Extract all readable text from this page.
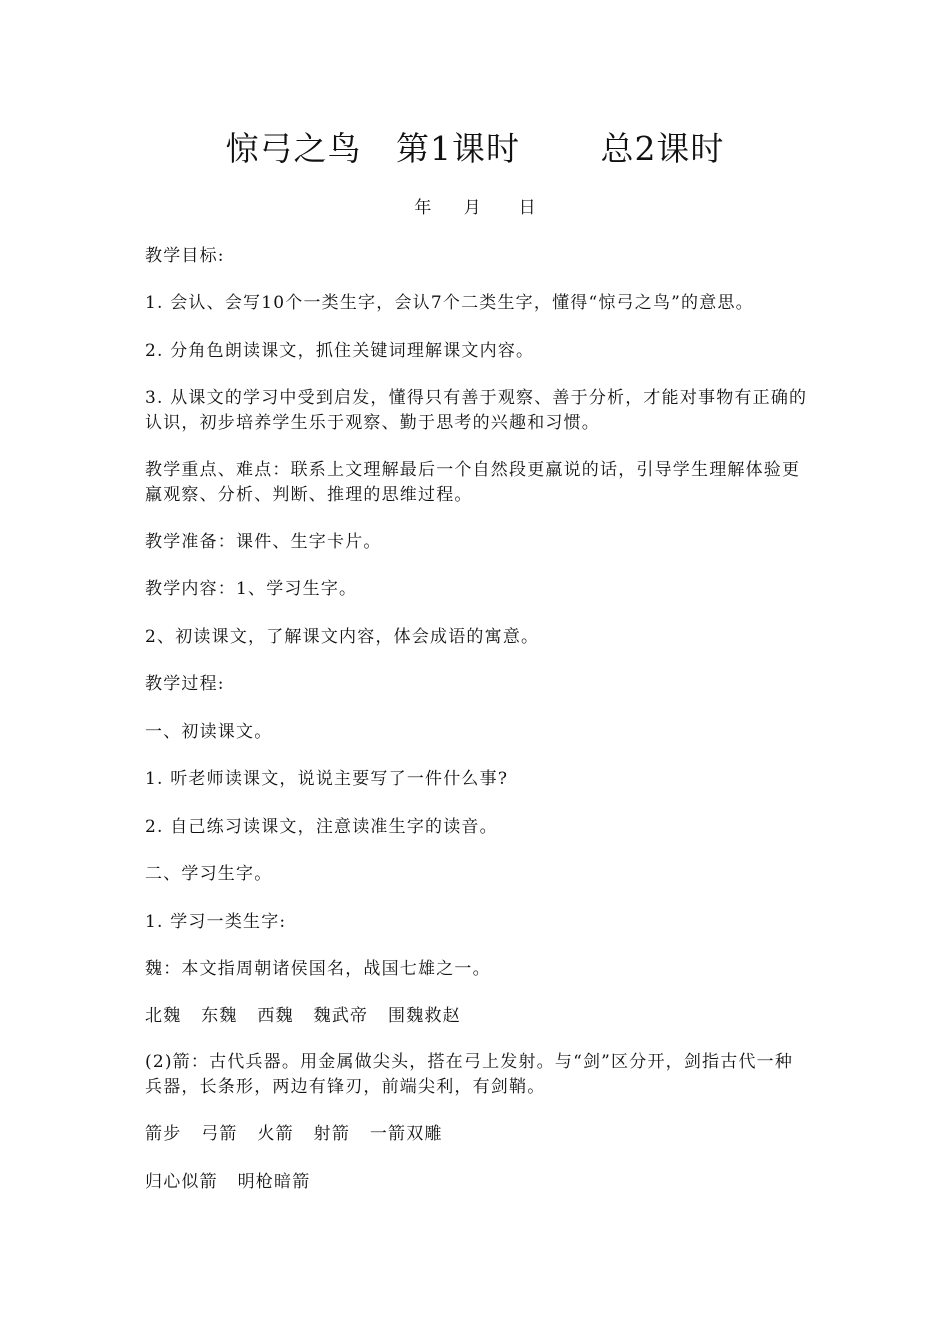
惊弓之鸟   第1课时       总2课时
年      月       日

教学目标:

1. 会认、会写10个一类生字，会认7个二类生字，懂得“惊弓之鸟”的意思。

2. 分角色朗读课文，抓住关键词理解课文内容。

3. 从课文的学习中受到启发，懂得只有善于观察、善于分析，才能对事物有正确的认识，初步培养学生乐于观察、勤于思考的兴趣和习惯。

教学重点、难点：联系上文理解最后一个自然段更羸说的话，引导学生理解体验更羸观察、分析、判断、推理的思维过程。

教学准备：课件、生字卡片。

教学内容：1、学习生字。

2、初读课文，了解课文内容，体会成语的寓意。

教学过程:

一、初读课文。

1. 听老师读课文，说说主要写了一件什么事?

2. 自己练习读课文，注意读准生字的读音。

二、学习生字。

1. 学习一类生字:

魏：本文指周朝诸侯国名，战国七雄之一。

北魏   东魏   西魏   魏武帝   围魏救赵

(2)箭：古代兵器。用金属做尖头，搭在弓上发射。与“剑”区分开，剑指古代一种兵器，长条形，两边有锋刃，前端尖利，有剑鞘。

箭步   弓箭   火箭   射箭   一箭双雕

归心似箭   明枪暗箭
